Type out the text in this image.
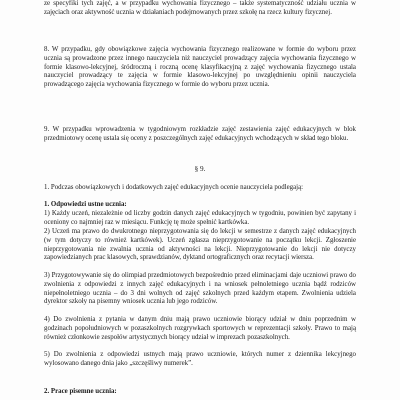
ze specyfiki tych zajęć, a w przypadku wychowania fizycznego – także systematyczność udziału ucznia w zajęciach oraz aktywność ucznia w działaniach podejmowanych przez szkołę na rzecz kultury fizycznej.

8. W przypadku, gdy obowiązkowe zajęcia wychowania fizycznego realizowane w formie do wyboru przez ucznia są prowadzone przez innego nauczyciela niż nauczyciel prowadzący zajęcia wychowania fizycznego w formie klasowo-lekcyjnej, śródroczną i roczną ocenę klasyfikacyjną z zajęć wychowania fizycznego ustala nauczyciel prowadzący te zajęcia w formie klasowo-lekcyjnej po uwzględnieniu opinii nauczyciela prowadzącego zajęcia wychowania fizycznego w formie do wyboru przez ucznia.

9. W przypadku wprowadzenia w tygodniowym rozkładzie zajęć zestawienia zajęć edukacyjnych w blok przedmiotowy ocenę ustala się oceny z poszczególnych zajęć edukacyjnych wchodzących w skład tego bloku.

§ 9.

1. Podczas obowiązkowych i dodatkowych zajęć edukacyjnych ocenie nauczyciela podlegają:

1. Odpowiedzi ustne ucznia:

1) Każdy uczeń, niezależnie od liczby godzin danych zajęć edukacyjnych w tygodniu, powinien być zapytany i oceniony co najmniej raz w miesiącu. Funkcję tę może spełnić kartkówka.

2) Uczeń ma prawo do dwukrotnego nieprzygotowania się do lekcji w semestrze z danych zajęć edukacyjnych (w tym dotyczy to również kartkówek). Uczeń zgłasza nieprzygotowanie na początku lekcji. Zgłoszenie nieprzygotowania nie zwalnia ucznia od aktywności na lekcji. Nieprzygotowanie do lekcji nie dotyczy zapowiedzianych prac klasowych, sprawdzianów, dyktand ortograficznych oraz recytacji wiersza.

3) Przygotowywanie się do olimpiad przedmiotowych bezpośrednio przed eliminacjami daje uczniowi prawo do zwolnienia z odpowiedzi z innych zajęć edukacyjnych i na wniosek pełnoletniego ucznia bądź rodziców niepełnoletniego ucznia – do 3 dni wolnych od zajęć szkolnych przed każdym etapem. Zwolnienia udziela dyrektor szkoły na pisemny wniosek ucznia lub jego rodziców.

4) Do zwolnienia z pytania w danym dniu mają prawo uczniowie biorący udział w dniu poprzednim w godzinach popołudniowych w pozaszkolnych rozgrywkach sportowych w reprezentacji szkoły. Prawo to mają również członkowie zespołów artystycznych biorący udział w imprezach pozaszkolnych.

5) Do zwolnienia z odpowiedzi ustnych mają prawo uczniowie, których numer z dziennika lekcyjnego wylosowano danego dnia jako „szczęśliwy numerek”.

2. Prace pisemne ucznia:
